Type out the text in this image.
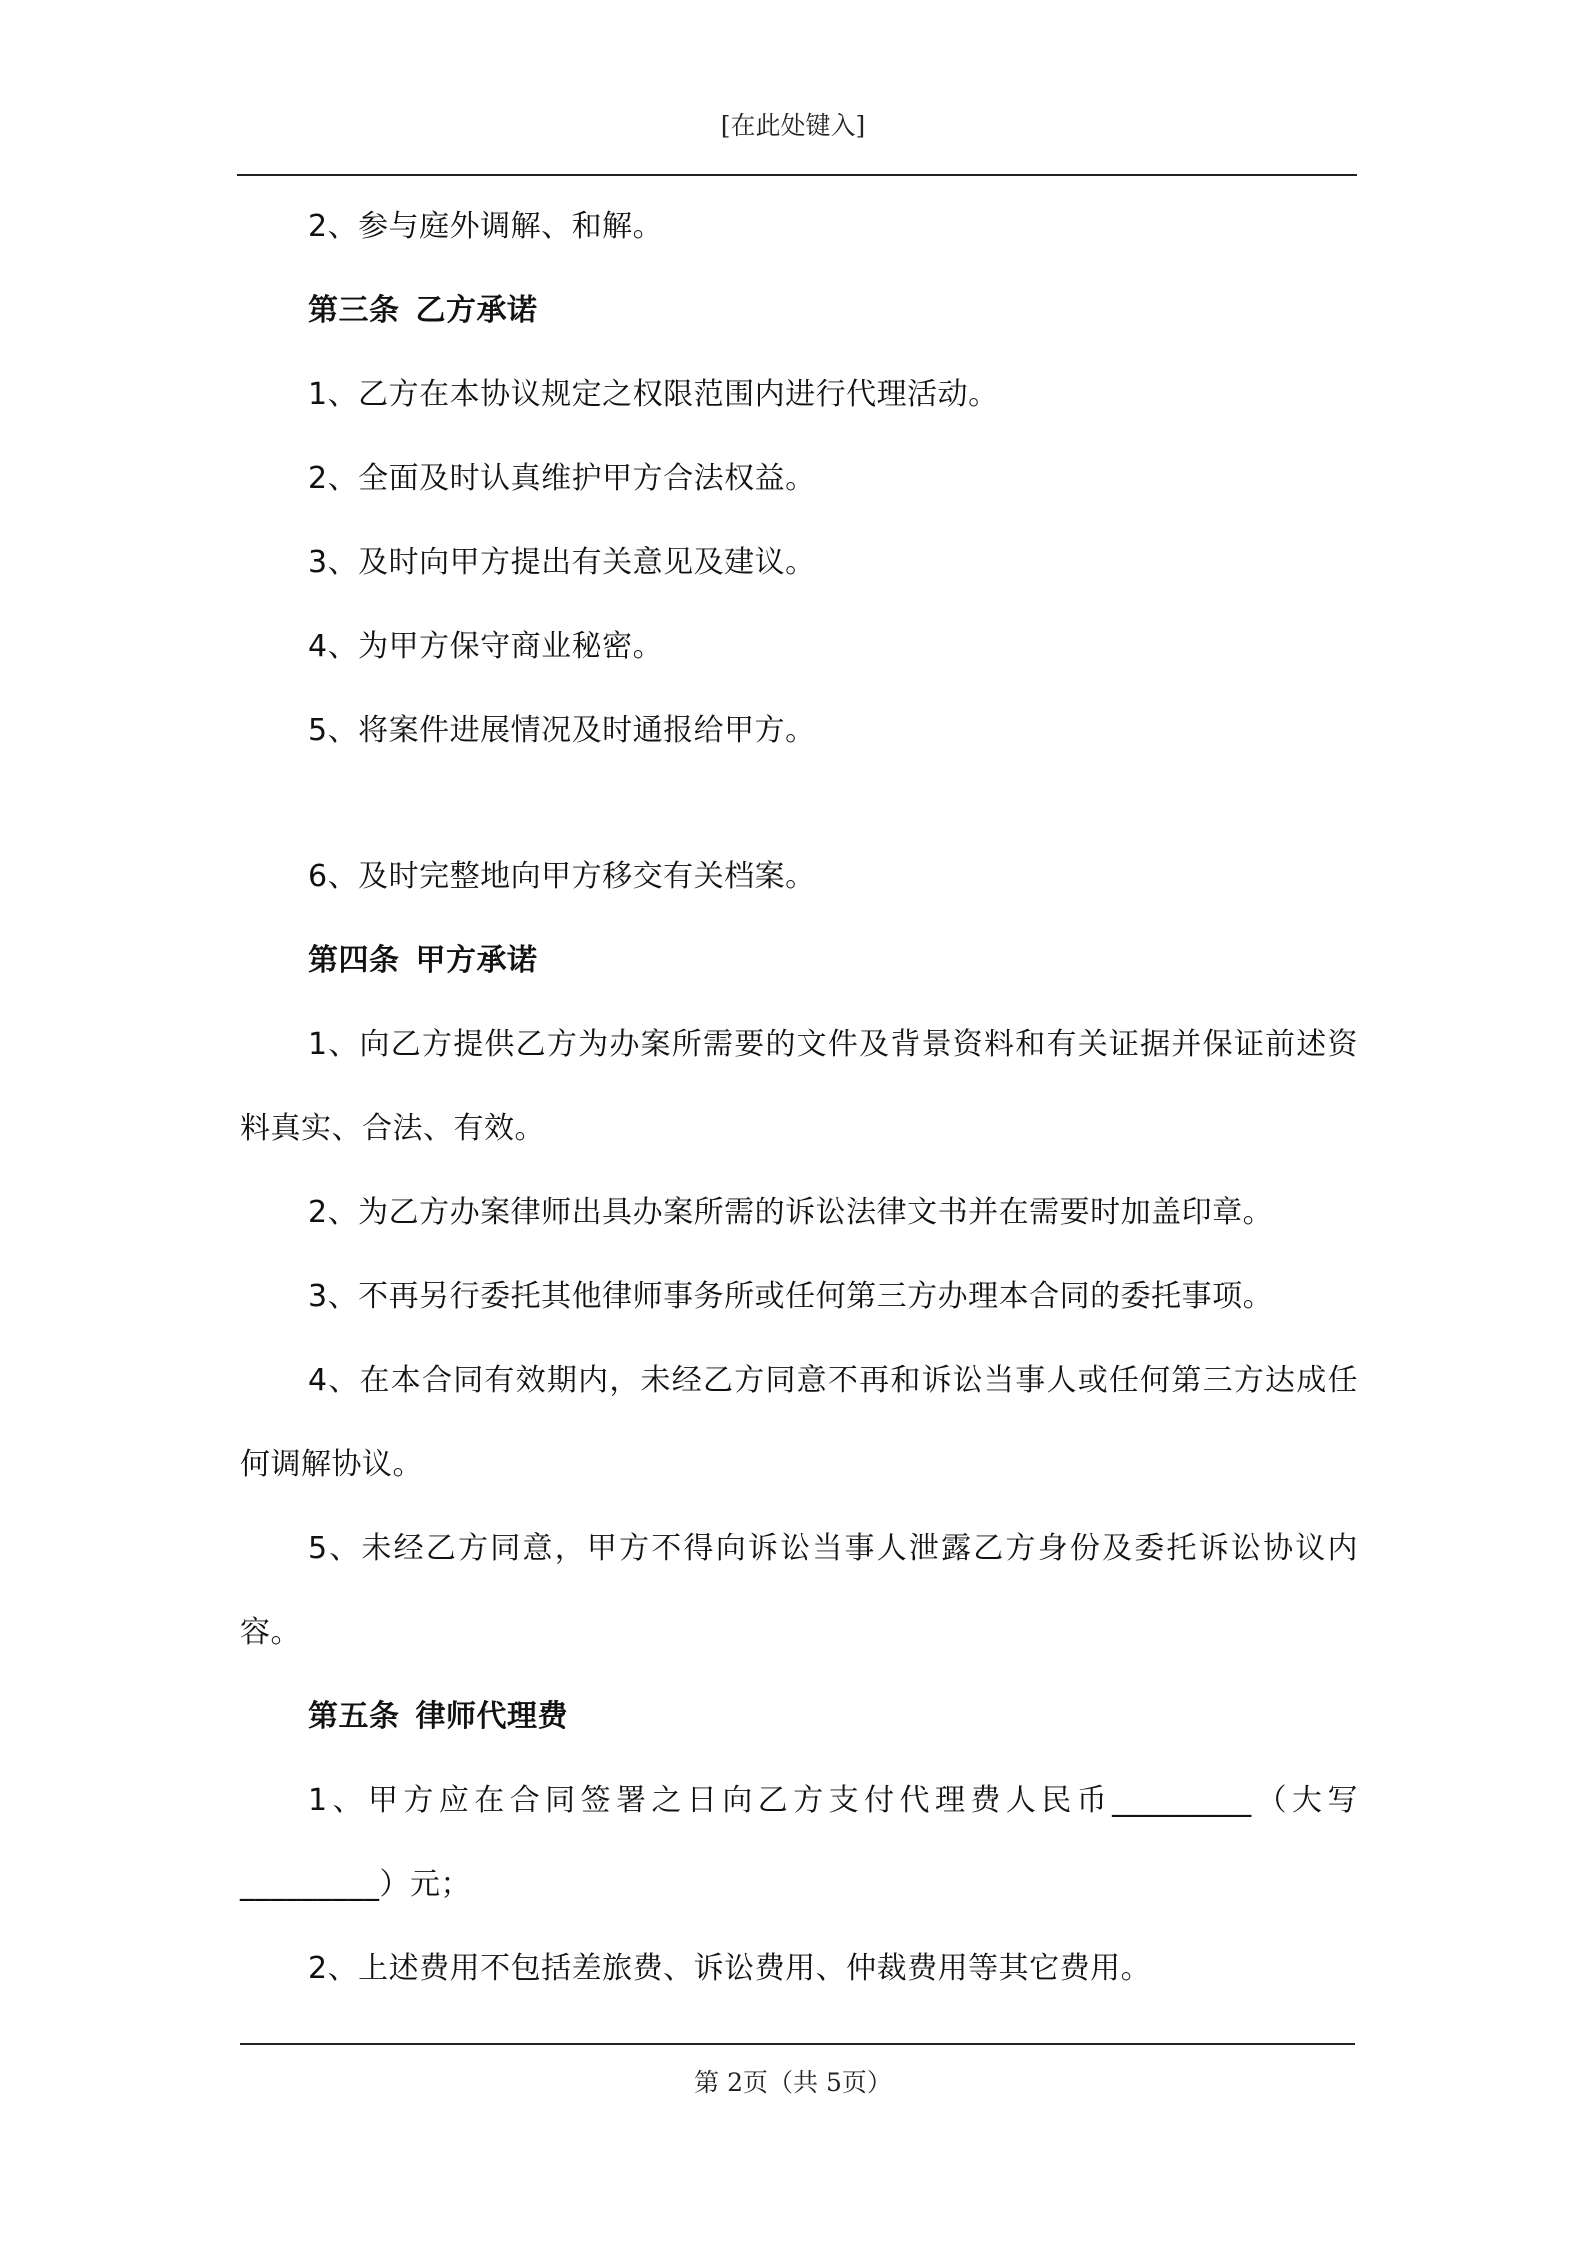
[在此处键入]

2、参与庭外调解、和解。

第三条 乙方承诺

1、乙方在本协议规定之权限范围内进行代理活动。

2、全面及时认真维护甲方合法权益。

3、及时向甲方提出有关意见及建议。

4、为甲方保守商业秘密。

5、将案件进展情况及时通报给甲方。

6、及时完整地向甲方移交有关档案。

第四条 甲方承诺

1、向乙方提供乙方为办案所需要的文件及背景资料和有关证据并保证前述资料真实、合法、有效。

2、为乙方办案律师出具办案所需的诉讼法律文书并在需要时加盖印章。

3、不再另行委托其他律师事务所或任何第三方办理本合同的委托事项。

4、在本合同有效期内，未经乙方同意不再和诉讼当事人或任何第三方达成任何调解协议。

5、未经乙方同意，甲方不得向诉讼当事人泄露乙方身份及委托诉讼协议内容。

第五条 律师代理费

1、甲方应在合同签署之日向乙方支付代理费人民币_________（大写_________）元；

2、上述费用不包括差旅费、诉讼费用、仲裁费用等其它费用。

第 2页（共 5页）
